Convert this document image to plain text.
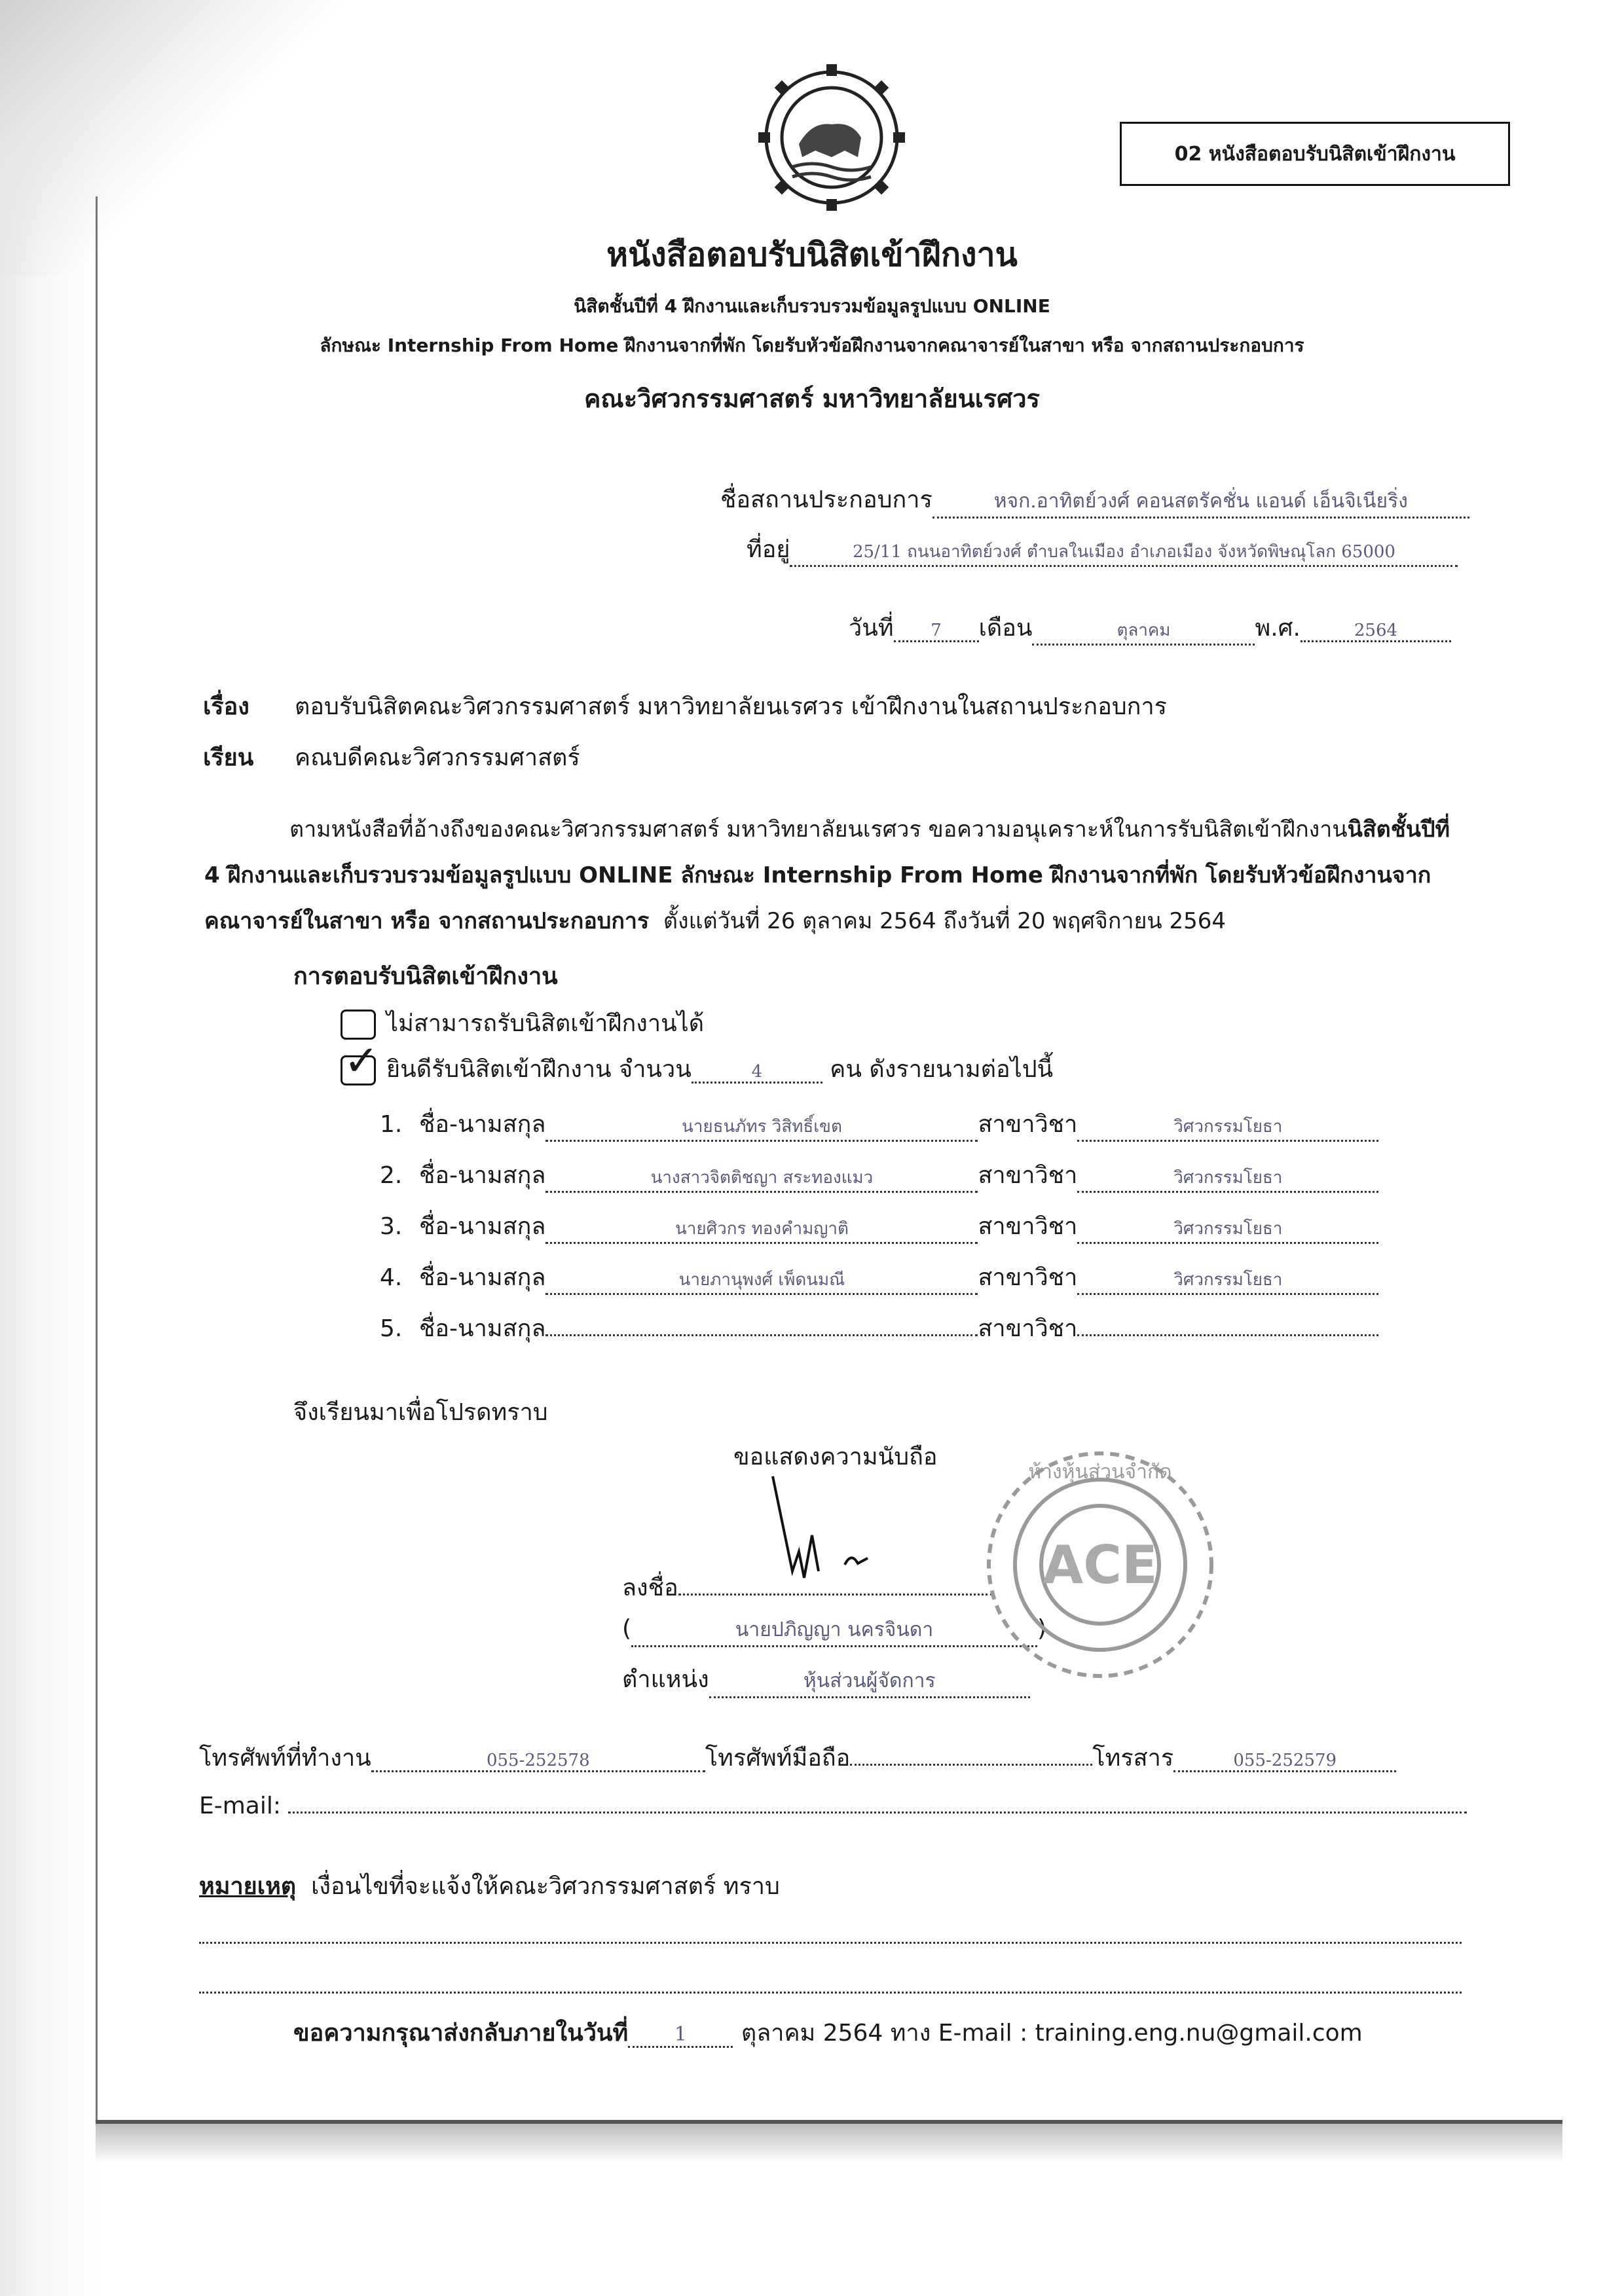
02 หนังสือตอบรับนิสิตเข้าฝึกงาน
หนังสือตอบรับนิสิตเข้าฝึกงาน
นิสิตชั้นปีที่ 4 ฝึกงานและเก็บรวบรวมข้อมูลรูปแบบ ONLINE
ลักษณะ Internship From Home ฝึกงานจากที่พัก โดยรับหัวข้อฝึกงานจากคณาจารย์ในสาขา หรือ จากสถานประกอบการ
คณะวิศวกรรมศาสตร์ มหาวิทยาลัยนเรศวร
ชื่อสถานประกอบการ	หจก.อาทิตย์วงศ์ คอนสตรัคชั่น แอนด์ เอ็นจิเนียริ่ง
ที่อยู่	25/11 ถนนอาทิตย์วงศ์ ตำบลในเมือง อำเภอเมือง จังหวัดพิษณุโลก 65000
วันที่ 7 เดือน	ตุลาคม	พ.ศ.	2564
เรื่อง ตอบรับนิสิตคณะวิศวกรรมศาสตร์ มหาวิทยาลัยนเรศวร เข้าฝึกงานในสถานประกอบการ
เรียน คณบดีคณะวิศวกรรมศาสตร์
ตามหนังสือที่อ้างถึงของคณะวิศวกรรมศาสตร์ มหาวิทยาลัยนเรศวร ขอความอนุเคราะห์ในการรับนิสิตเข้าฝึกงานนิสิตชั้นปีที่
4 ฝึกงานและเก็บรวบรวมข้อมูลรูปแบบ ONLINE ลักษณะ Internship From Home ฝึกงานจากที่พัก โดยรับหัวข้อฝึกงานจาก
คณาจารย์ในสาขา หรือ จากสถานประกอบการ ตั้งแต่วันที่ 26 ตุลาคม 2564 ถึงวันที่ 20 พฤศจิกายน 2564
การตอบรับนิสิตเข้าฝึกงาน
ไม่สามารถรับนิสิตเข้าฝึกงานได้
✓ ยินดีรับนิสิตเข้าฝึกงาน จำนวน	4	คน ดังรายนามต่อไปนี้
1. ชื่อ-นามสกุล	นายธนภัทร วิสิทธิ์เขต	สาขาวิชา	วิศวกรรมโยธา
2. ชื่อ-นามสกุล	นางสาวจิตติชญา สระทองแมว	สาขาวิชา	วิศวกรรมโยธา
3. ชื่อ-นามสกุล	นายศิวกร ทองคำมญาติ	สาขาวิชา	วิศวกรรมโยธา
4. ชื่อ-นามสกุล	นายภานุพงศ์ เพ็ดนมณี	สาขาวิชา	วิศวกรรมโยธา
5. ชื่อ-นามสกุล	สาขาวิชา
จึงเรียนมาเพื่อโปรดทราบ
ขอแสดงความนับถือ
ลงชื่อ
(	นายปภิญญา นครจินดา	)
ตำแหน่ง	หุ้นส่วนผู้จัดการ
ACE
ห้างหุ้นส่วนจำกัด
โทรศัพท์ที่ทำงาน	055-252578	โทรศัพท์มือถือ	โทรสาร	055-252579
E-mail:
หมายเหตุ เงื่อนไขที่จะแจ้งให้คณะวิศวกรรมศาสตร์ ทราบ
ขอความกรุณาส่งกลับภายในวันที่ 1 ตุลาคม 2564 ทาง E-mail : training.eng.nu@gmail.com
